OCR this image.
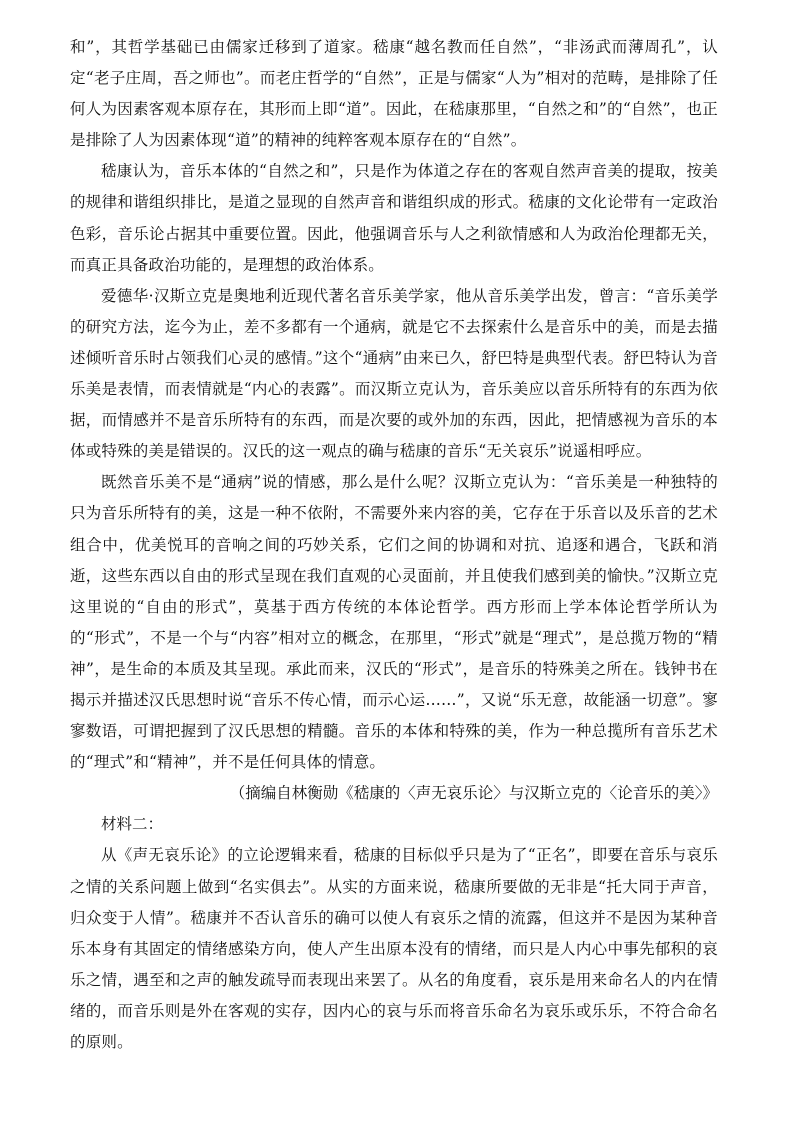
和”，其哲学基础已由儒家迁移到了道家。嵇康“越名教而任自然”，“非汤武而薄周孔”，认定“老子庄周，吾之师也”。而老庄哲学的“自然”，正是与儒家“人为”相对的范畴，是排除了任何人为因素客观本原存在，其形而上即“道”。因此，在嵇康那里，“自然之和”的“自然”，也正是排除了人为因素体现“道”的精神的纯粹客观本原存在的“自然”。

嵇康认为，音乐本体的“自然之和”，只是作为体道之存在的客观自然声音美的提取，按美的规律和谐组织排比，是道之显现的自然声音和谐组织成的形式。嵇康的文化论带有一定政治色彩，音乐论占据其中重要位置。因此，他强调音乐与人之利欲情感和人为政治伦理都无关，而真正具备政治功能的，是理想的政治体系。

爱德华·汉斯立克是奥地利近现代著名音乐美学家，他从音乐美学出发，曾言：“音乐美学的研究方法，迄今为止，差不多都有一个通病，就是它不去探索什么是音乐中的美，而是去描述倾听音乐时占领我们心灵的感情。”这个“通病”由来已久，舒巴特是典型代表。舒巴特认为音乐美是表情，而表情就是“内心的表露”。而汉斯立克认为，音乐美应以音乐所特有的东西为依据，而情感并不是音乐所特有的东西，而是次要的或外加的东西，因此，把情感视为音乐的本体或特殊的美是错误的。汉氏的这一观点的确与嵇康的音乐“无关哀乐”说遥相呼应。

既然音乐美不是“通病”说的情感，那么是什么呢？汉斯立克认为：“音乐美是一种独特的只为音乐所特有的美，这是一种不依附，不需要外来内容的美，它存在于乐音以及乐音的艺术组合中，优美悦耳的音响之间的巧妙关系，它们之间的协调和对抗、追逐和遇合，飞跃和消逝，这些东西以自由的形式呈现在我们直观的心灵面前，并且使我们感到美的愉快。”汉斯立克这里说的“自由的形式”，莫基于西方传统的本体论哲学。西方形而上学本体论哲学所认为的“形式”，不是一个与“内容”相对立的概念，在那里，“形式”就是“理式”，是总揽万物的“精神”，是生命的本质及其呈现。承此而来，汉氏的“形式”，是音乐的特殊美之所在。钱钟书在揭示并描述汉氏思想时说“音乐不传心情，而示心运……”，又说“乐无意，故能涵一切意”。寥寥数语，可谓把握到了汉氏思想的精髓。音乐的本体和特殊的美，作为一种总揽所有音乐艺术的“理式”和“精神”，并不是任何具体的情意。

（摘编自林衡勋《嵇康的〈声无哀乐论〉与汉斯立克的〈论音乐的美〉》

材料二：

从《声无哀乐论》的立论逻辑来看，嵇康的目标似乎只是为了“正名”，即要在音乐与哀乐之情的关系问题上做到“名实俱去”。从实的方面来说，嵇康所要做的无非是“托大同于声音，归众变于人情”。嵇康并不否认音乐的确可以使人有哀乐之情的流露，但这并不是因为某种音乐本身有其固定的情绪感染方向，使人产生出原本没有的情绪，而只是人内心中事先郁积的哀乐之情，遇至和之声的触发疏导而表现出来罢了。从名的角度看，哀乐是用来命名人的内在情绪的，而音乐则是外在客观的实存，因内心的哀与乐而将音乐命名为哀乐或乐乐，不符合命名的原则。
